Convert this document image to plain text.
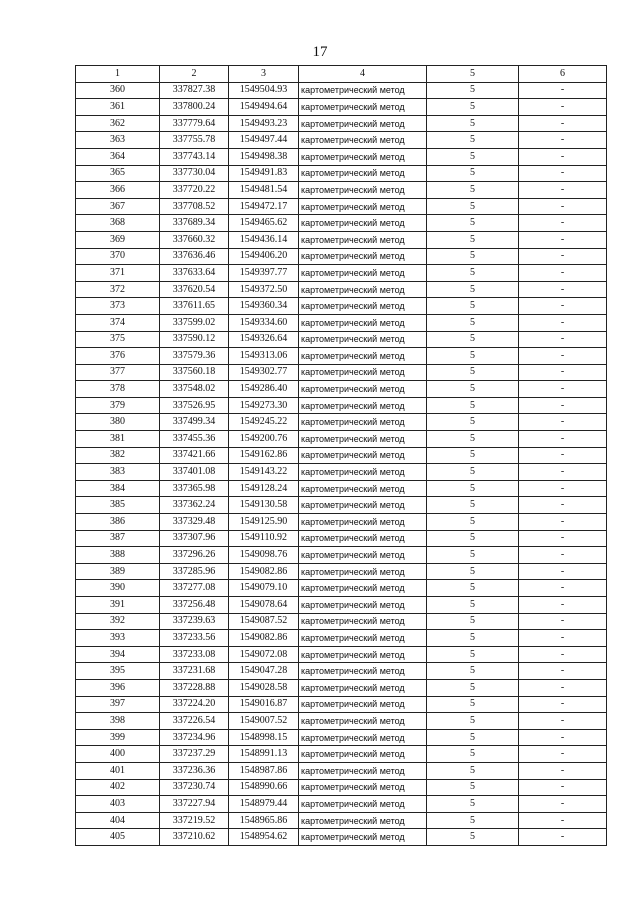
17
1	2	3	4	5	6
360	337827.38	1549504.93	картометрический метод	5	-
361	337800.24	1549494.64	картометрический метод	5	-
362	337779.64	1549493.23	картометрический метод	5	-
363	337755.78	1549497.44	картометрический метод	5	-
364	337743.14	1549498.38	картометрический метод	5	-
365	337730.04	1549491.83	картометрический метод	5	-
366	337720.22	1549481.54	картометрический метод	5	-
367	337708.52	1549472.17	картометрический метод	5	-
368	337689.34	1549465.62	картометрический метод	5	-
369	337660.32	1549436.14	картометрический метод	5	-
370	337636.46	1549406.20	картометрический метод	5	-
371	337633.64	1549397.77	картометрический метод	5	-
372	337620.54	1549372.50	картометрический метод	5	-
373	337611.65	1549360.34	картометрический метод	5	-
374	337599.02	1549334.60	картометрический метод	5	-
375	337590.12	1549326.64	картометрический метод	5	-
376	337579.36	1549313.06	картометрический метод	5	-
377	337560.18	1549302.77	картометрический метод	5	-
378	337548.02	1549286.40	картометрический метод	5	-
379	337526.95	1549273.30	картометрический метод	5	-
380	337499.34	1549245.22	картометрический метод	5	-
381	337455.36	1549200.76	картометрический метод	5	-
382	337421.66	1549162.86	картометрический метод	5	-
383	337401.08	1549143.22	картометрический метод	5	-
384	337365.98	1549128.24	картометрический метод	5	-
385	337362.24	1549130.58	картометрический метод	5	-
386	337329.48	1549125.90	картометрический метод	5	-
387	337307.96	1549110.92	картометрический метод	5	-
388	337296.26	1549098.76	картометрический метод	5	-
389	337285.96	1549082.86	картометрический метод	5	-
390	337277.08	1549079.10	картометрический метод	5	-
391	337256.48	1549078.64	картометрический метод	5	-
392	337239.63	1549087.52	картометрический метод	5	-
393	337233.56	1549082.86	картометрический метод	5	-
394	337233.08	1549072.08	картометрический метод	5	-
395	337231.68	1549047.28	картометрический метод	5	-
396	337228.88	1549028.58	картометрический метод	5	-
397	337224.20	1549016.87	картометрический метод	5	-
398	337226.54	1549007.52	картометрический метод	5	-
399	337234.96	1548998.15	картометрический метод	5	-
400	337237.29	1548991.13	картометрический метод	5	-
401	337236.36	1548987.86	картометрический метод	5	-
402	337230.74	1548990.66	картометрический метод	5	-
403	337227.94	1548979.44	картометрический метод	5	-
404	337219.52	1548965.86	картометрический метод	5	-
405	337210.62	1548954.62	картометрический метод	5	-
